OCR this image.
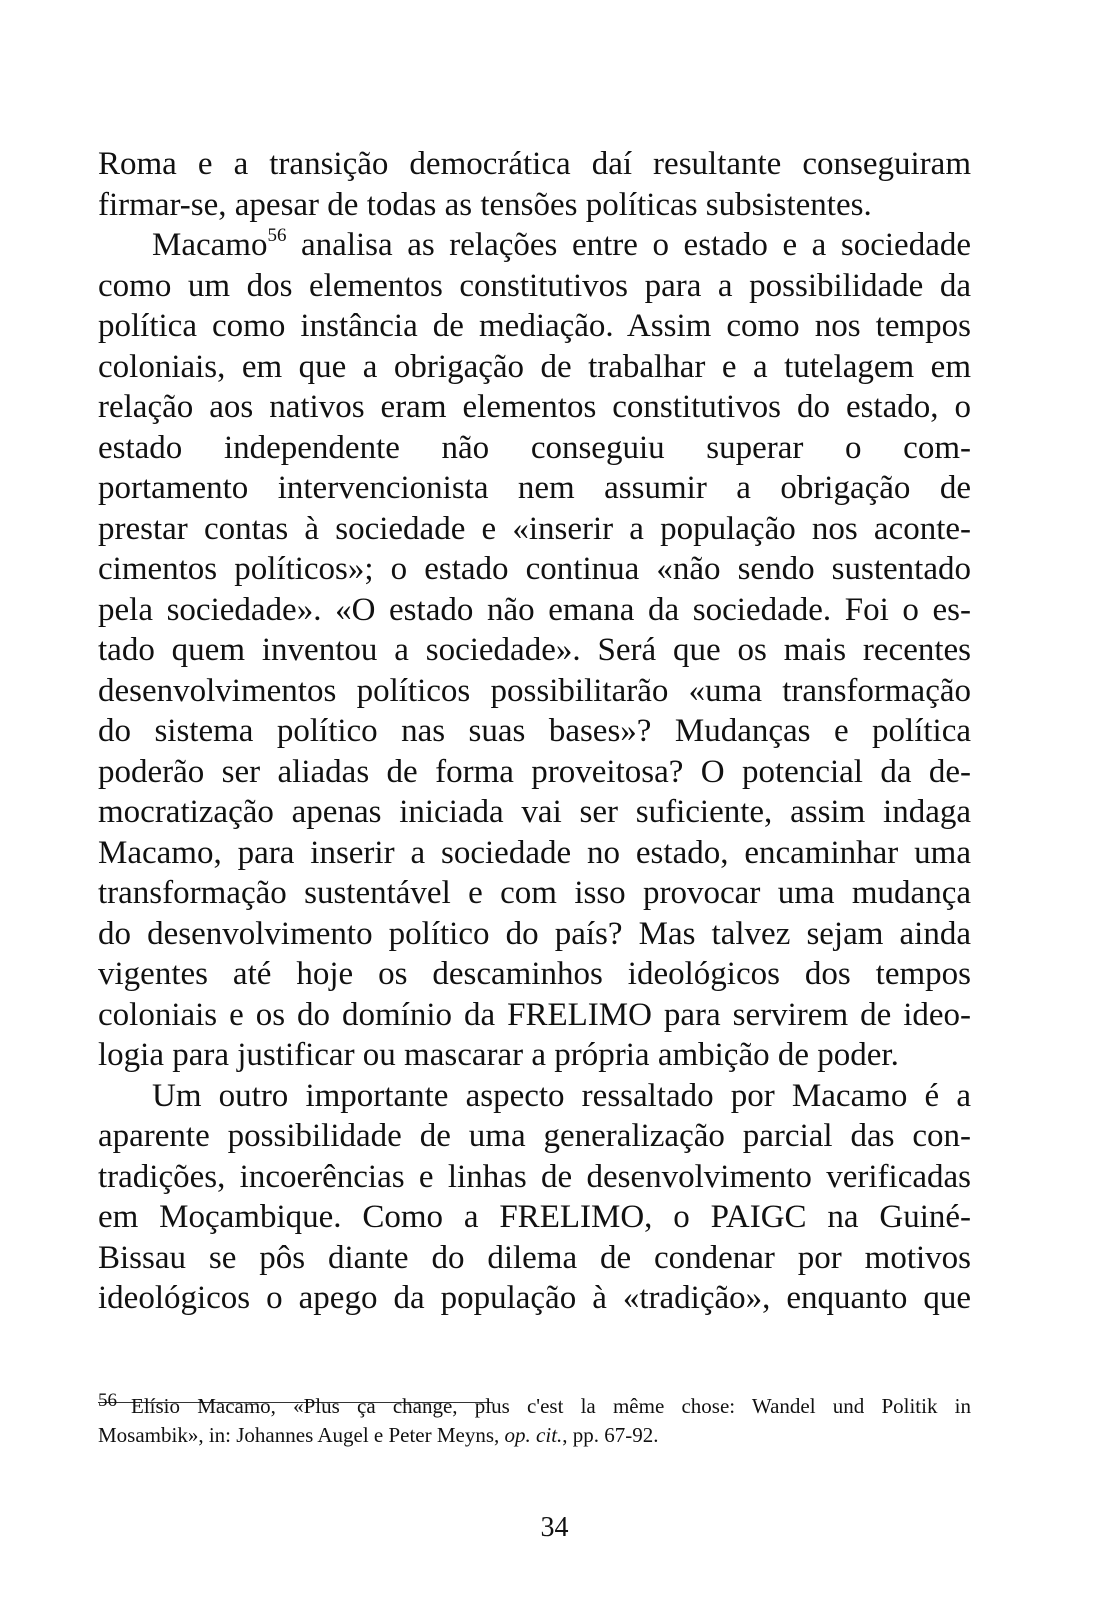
Roma e a transição democrática daí resultante conseguiram
firmar-se, apesar de todas as tensões políticas subsistentes.
Macamo$^{56}$ analisa as relações entre o estado e a sociedade
como um dos elementos constitutivos para a possibilidade da
política como instância de mediação. Assim como nos tempos
coloniais, em que a obrigação de trabalhar e a tutelagem em
relação aos nativos eram elementos constitutivos do estado, o
estado independente não conseguiu superar o com-
portamento intervencionista nem assumir a obrigação de
prestar contas à sociedade e «inserir a população nos aconte-
cimentos políticos»; o estado continua «não sendo sustentado
pela sociedade». «O estado não emana da sociedade. Foi o es-
tado quem inventou a sociedade». Será que os mais recentes
desenvolvimentos políticos possibilitarão «uma transformação
do sistema político nas suas bases»? Mudanças e política
poderão ser aliadas de forma proveitosa? O potencial da de-
mocratização apenas iniciada vai ser suficiente, assim indaga
Macamo, para inserir a sociedade no estado, encaminhar uma
transformação sustentável e com isso provocar uma mudança
do desenvolvimento político do país? Mas talvez sejam ainda
vigentes até hoje os descaminhos ideológicos dos tempos
coloniais e os do domínio da FRELIMO para servirem de ideo-
logia para justificar ou mascarar a própria ambição de poder.
Um outro importante aspecto ressaltado por Macamo é a
aparente possibilidade de uma generalização parcial das con-
tradições, incoerências e linhas de desenvolvimento verificadas
em Moçambique. Como a FRELIMO, o PAIGC na Guiné-
Bissau se pôs diante do dilema de condenar por motivos
ideológicos o apego da população à «tradição», enquanto que
56 Elísio Macamo, «Plus ça change, plus c'est la même chose: Wandel und Politik in
Mosambik», in: Johannes Augel e Peter Meyns, op. cit., pp. 67-92.
34
